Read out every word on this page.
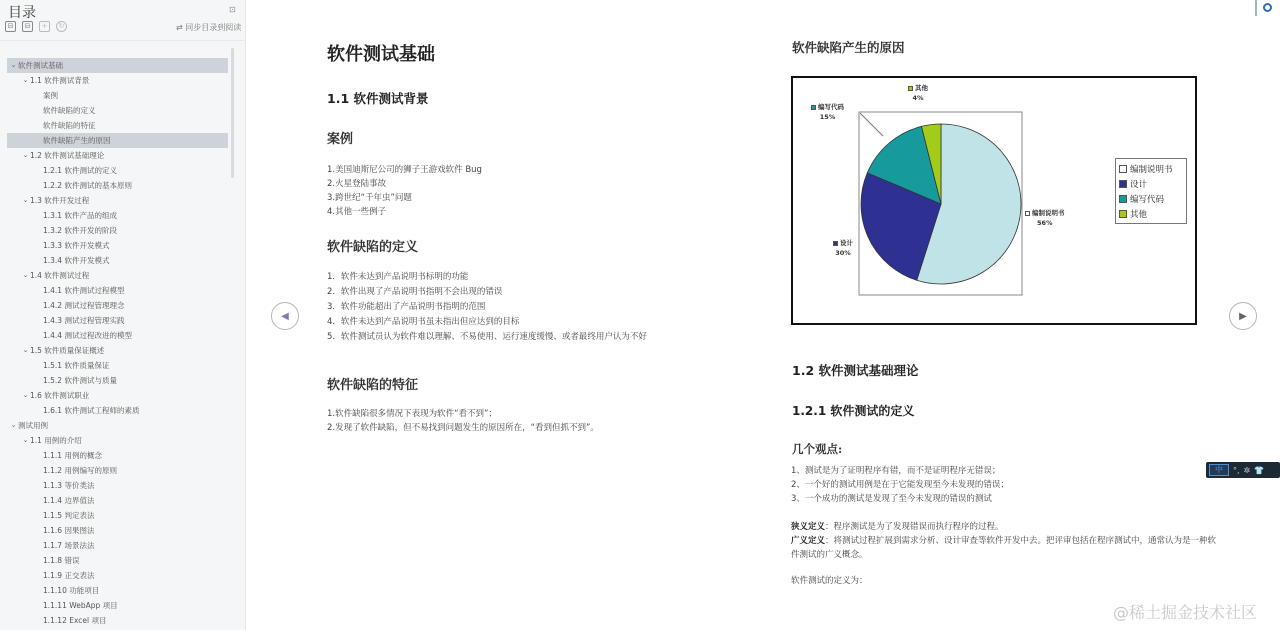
目录	⊡
⊟	⊟	+	↻	⇄ 同步目录到阅读
⌄ 软件测试基础
⌄ 1.1 软件测试背景
案例
软件缺陷的定义
软件缺陷的特征
软件缺陷产生的原因
⌄ 1.2 软件测试基础理论
1.2.1 软件测试的定义
1.2.2 软件测试的基本原则
⌄ 1.3 软件开发过程
1.3.1 软件产品的组成
1.3.2 软件开发的阶段
1.3.3 软件开发模式
1.3.4 软件开发模式
⌄ 1.4 软件测试过程
1.4.1 软件测试过程模型
1.4.2 测试过程管理理念
1.4.3 测试过程管理实践
1.4.4 测试过程改进的模型
⌄ 1.5 软件质量保证概述
1.5.1 软件质量保证
1.5.2 软件测试与质量
⌄ 1.6 软件测试职业
1.6.1 软件测试工程师的素质
⌄ 测试用例
⌄ 1.1 用例的介绍
1.1.1 用例的概念
1.1.2 用例编写的原则
1.1.3 等价类法
1.1.4 边界值法
1.1.5 判定表法
1.1.6 因果图法
1.1.7 场景法法
1.1.8 错误
1.1.9 正交表法
1.1.10 功能项目
1.1.11 WebApp 项目
1.1.12 Excel 项目
软件测试基础
1.1 软件测试背景
案例
1.美国迪斯尼公司的狮子王游戏软件 Bug
2.火星登陆事故
3.跨世纪“千年虫”问题
4.其他一些例子
软件缺陷的定义
1．软件未达到产品说明书标明的功能
2．软件出现了产品说明书指明不会出现的错误
3．软件功能超出了产品说明书指明的范围
4．软件未达到产品说明书虽未指出但应达到的目标
5．软件测试员认为软件难以理解、不易使用、运行速度缓慢、或者最终用户认为不好
软件缺陷的特征
1.软件缺陷很多情况下表现为软件“看不到”；
2.发现了软件缺陷，但不易找到问题发生的原因所在，“看到但抓不到”。
软件缺陷产生的原因
其他
4%
编写代码
15%
编制说明书
56%
设计
30%
编制说明书
设计
编写代码
其他
1.2 软件测试基础理论
1.2.1 软件测试的定义
几个观点:
1、测试是为了证明程序有错，而不是证明程序无错误；
2、一个好的测试用例是在于它能发现至今未发现的错误；
3、一个成功的测试是发现了至今未发现的错误的测试
狭义定义：程序测试是为了发现错误而执行程序的过程。
广义定义：将测试过程扩展到需求分析、设计审查等软件开发中去。把评审包括在程序测试中，通常认为是一种软
件测试的广义概念。
软件测试的定义为：
◀	▶
中	°, ✲ 👕
@稀土掘金技术社区
